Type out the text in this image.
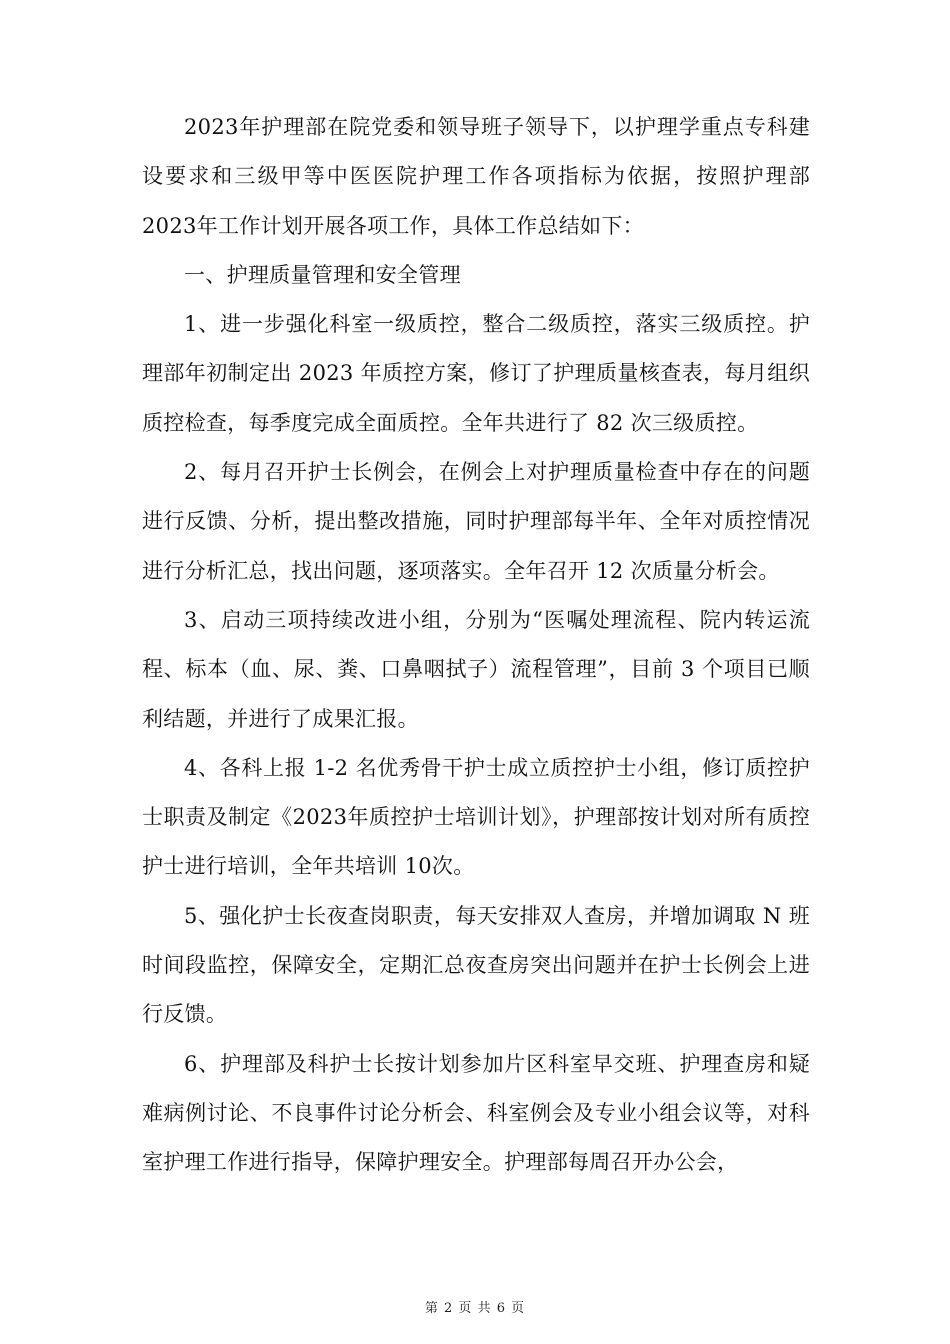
2023年护理部在院党委和领导班子领导下，以护理学重点专科建设要求和三级甲等中医医院护理工作各项指标为依据，按照护理部2023年工作计划开展各项工作，具体工作总结如下：

一、护理质量管理和安全管理

1、进一步强化科室一级质控，整合二级质控，落实三级质控。护理部年初制定出 2023 年质控方案，修订了护理质量核查表，每月组织质控检查，每季度完成全面质控。全年共进行了 82 次三级质控。

2、每月召开护士长例会，在例会上对护理质量检查中存在的问题进行反馈、分析，提出整改措施，同时护理部每半年、全年对质控情况进行分析汇总，找出问题，逐项落实。全年召开 12 次质量分析会。

3、启动三项持续改进小组，分别为“医嘱处理流程、院内转运流程、标本（血、尿、粪、口鼻咽拭子）流程管理”，目前 3 个项目已顺利结题，并进行了成果汇报。

4、各科上报 1-2 名优秀骨干护士成立质控护士小组，修订质控护士职责及制定《2023年质控护士培训计划》，护理部按计划对所有质控护士进行培训，全年共培训 10次。

5、强化护士长夜查岗职责，每天安排双人查房，并增加调取 N 班时间段监控，保障安全，定期汇总夜查房突出问题并在护士长例会上进行反馈。

6、护理部及科护士长按计划参加片区科室早交班、护理查房和疑难病例讨论、不良事件讨论分析会、科室例会及专业小组会议等，对科室护理工作进行指导，保障护理安全。护理部每周召开办公会，

第 2 页 共 6 页
